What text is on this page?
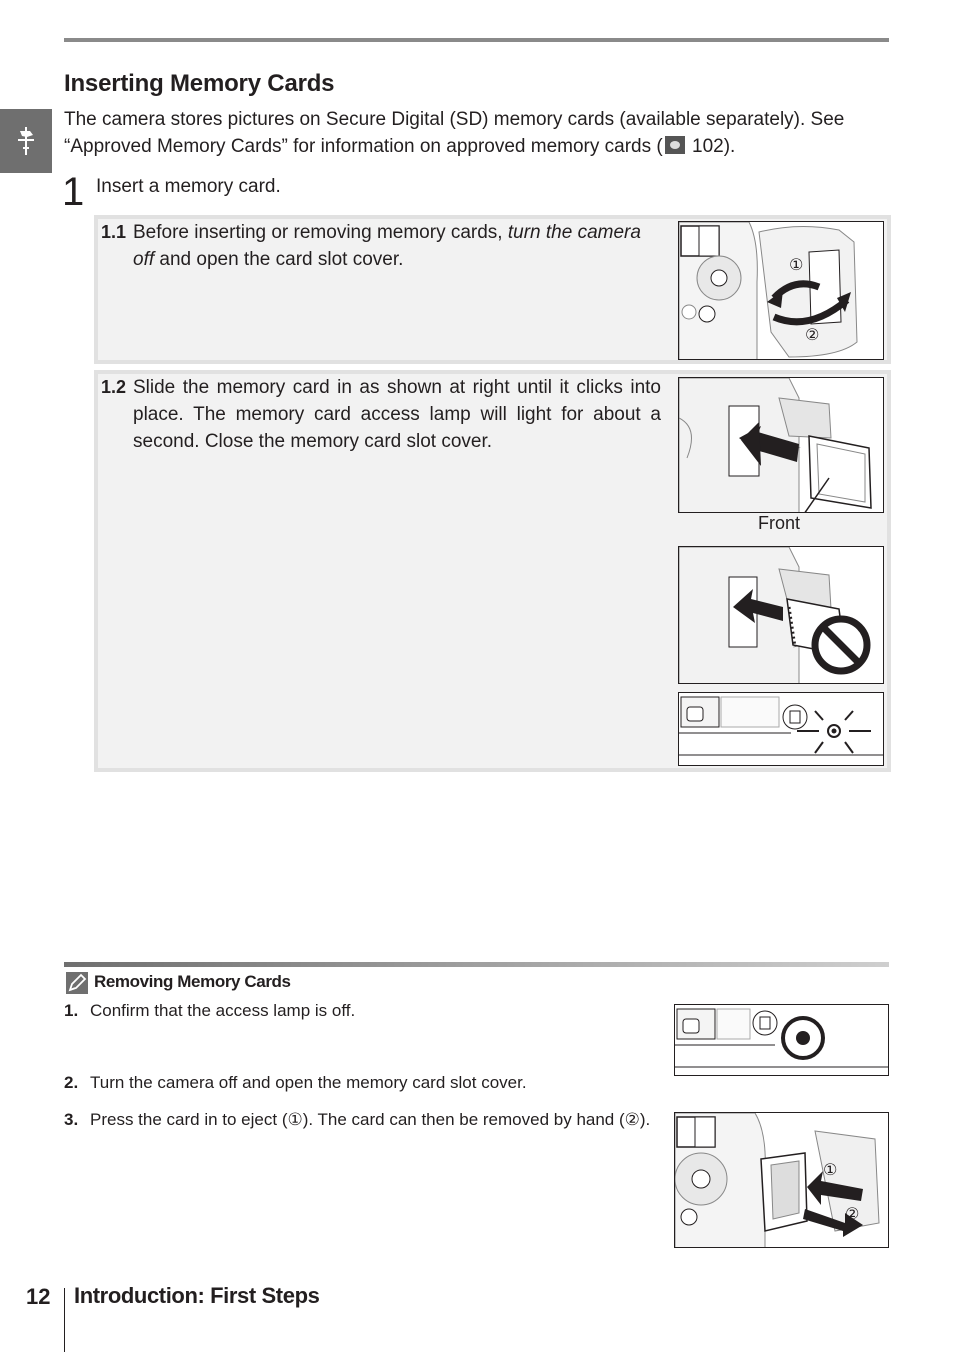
Inserting Memory Cards
The camera stores pictures on Secure Digital (SD) memory cards (available separately). See “Approved Memory Cards” for information on approved memory cards ( 102).
1 Insert a memory card.
1.1 Before inserting or removing memory cards, turn the camera off and open the card slot cover.	①
②
1.2 Slide the memory card in as shown at right until it clicks into place. The memory card access lamp will light for about a second. Close the memory card slot cover.
Front
Removing Memory Cards
1. Confirm that the access lamp is off.
2. Turn the camera off and open the memory card slot cover.
3. Press the card in to eject (①). The card can then be removed by hand (②).
①
②
12 Introduction: First Steps
